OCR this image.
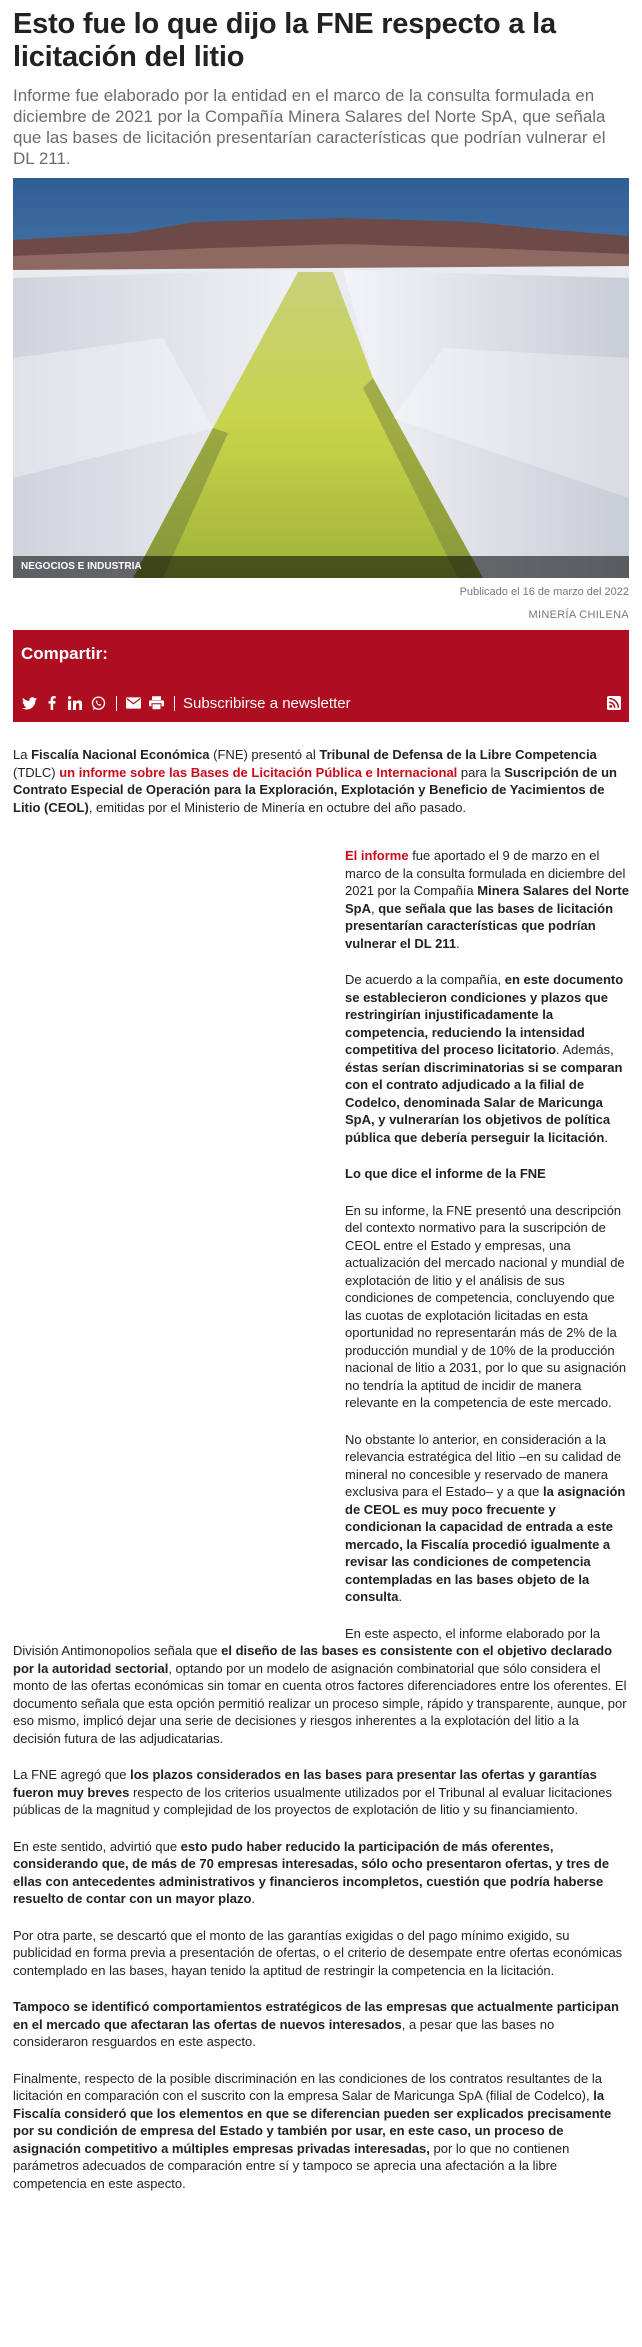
Esto fue lo que dijo la FNE respecto a la licitación del litio
Informe fue elaborado por la entidad en el marco de la consulta formulada en diciembre de 2021 por la Compañía Minera Salares del Norte SpA, que señala que las bases de licitación presentarían características que podrían vulnerar el DL 211.
NEGOCIOS E INDUSTRIA
Publicado el 16 de marzo del 2022
MINERÍA CHILENA
Compartir:
Subscribirse a newsletter

La Fiscalía Nacional Económica (FNE) presentó al Tribunal de Defensa de la Libre Competencia (TDLC) un informe sobre las Bases de Licitación Pública e Internacional para la Suscripción de un Contrato Especial de Operación para la Exploración, Explotación y Beneficio de Yacimientos de Litio (CEOL), emitidas por el Ministerio de Minería en octubre del año pasado.

El informe fue aportado el 9 de marzo en el marco de la consulta formulada en diciembre del 2021 por la Compañía Minera Salares del Norte SpA, que señala que las bases de licitación presentarían características que podrían vulnerar el DL 211.

De acuerdo a la compañía, en este documento se establecieron condiciones y plazos que restringirían injustificadamente la competencia, reduciendo la intensidad competitiva del proceso licitatorio. Además, éstas serían discriminatorias si se comparan con el contrato adjudicado a la filial de Codelco, denominada Salar de Maricunga SpA, y vulnerarían los objetivos de política pública que debería perseguir la licitación.

Lo que dice el informe de la FNE

En su informe, la FNE presentó una descripción del contexto normativo para la suscripción de CEOL entre el Estado y empresas, una actualización del mercado nacional y mundial de explotación de litio y el análisis de sus condiciones de competencia, concluyendo que las cuotas de explotación licitadas en esta oportunidad no representarán más de 2% de la producción mundial y de 10% de la producción nacional de litio a 2031, por lo que su asignación no tendría la aptitud de incidir de manera relevante en la competencia de este mercado.

No obstante lo anterior, en consideración a la relevancia estratégica del litio –en su calidad de mineral no concesible y reservado de manera exclusiva para el Estado– y a que la asignación de CEOL es muy poco frecuente y condicionan la capacidad de entrada a este mercado, la Fiscalía procedió igualmente a revisar las condiciones de competencia contempladas en las bases objeto de la consulta.

En este aspecto, el informe elaborado por la División Antimonopolios señala que el diseño de las bases es consistente con el objetivo declarado por la autoridad sectorial, optando por un modelo de asignación combinatorial que sólo considera el monto de las ofertas económicas sin tomar en cuenta otros factores diferenciadores entre los oferentes. El documento señala que esta opción permitió realizar un proceso simple, rápido y transparente, aunque, por eso mismo, implicó dejar una serie de decisiones y riesgos inherentes a la explotación del litio a la decisión futura de las adjudicatarias.

La FNE agregó que los plazos considerados en las bases para presentar las ofertas y garantías fueron muy breves respecto de los criterios usualmente utilizados por el Tribunal al evaluar licitaciones públicas de la magnitud y complejidad de los proyectos de explotación de litio y su financiamiento.

En este sentido, advirtió que esto pudo haber reducido la participación de más oferentes, considerando que, de más de 70 empresas interesadas, sólo ocho presentaron ofertas, y tres de ellas con antecedentes administrativos y financieros incompletos, cuestión que podría haberse resuelto de contar con un mayor plazo.

Por otra parte, se descartó que el monto de las garantías exigidas o del pago mínimo exigido, su publicidad en forma previa a presentación de ofertas, o el criterio de desempate entre ofertas económicas contemplado en las bases, hayan tenido la aptitud de restringir la competencia en la licitación.

Tampoco se identificó comportamientos estratégicos de las empresas que actualmente participan en el mercado que afectaran las ofertas de nuevos interesados, a pesar que las bases no consideraron resguardos en este aspecto.

Finalmente, respecto de la posible discriminación en las condiciones de los contratos resultantes de la licitación en comparación con el suscrito con la empresa Salar de Maricunga SpA (filial de Codelco), la Fiscalía consideró que los elementos en que se diferencian pueden ser explicados precisamente por su condición de empresa del Estado y también por usar, en este caso, un proceso de asignación competitivo a múltiples empresas privadas interesadas, por lo que no contienen parámetros adecuados de comparación entre sí y tampoco se aprecia una afectación a la libre competencia en este aspecto.
